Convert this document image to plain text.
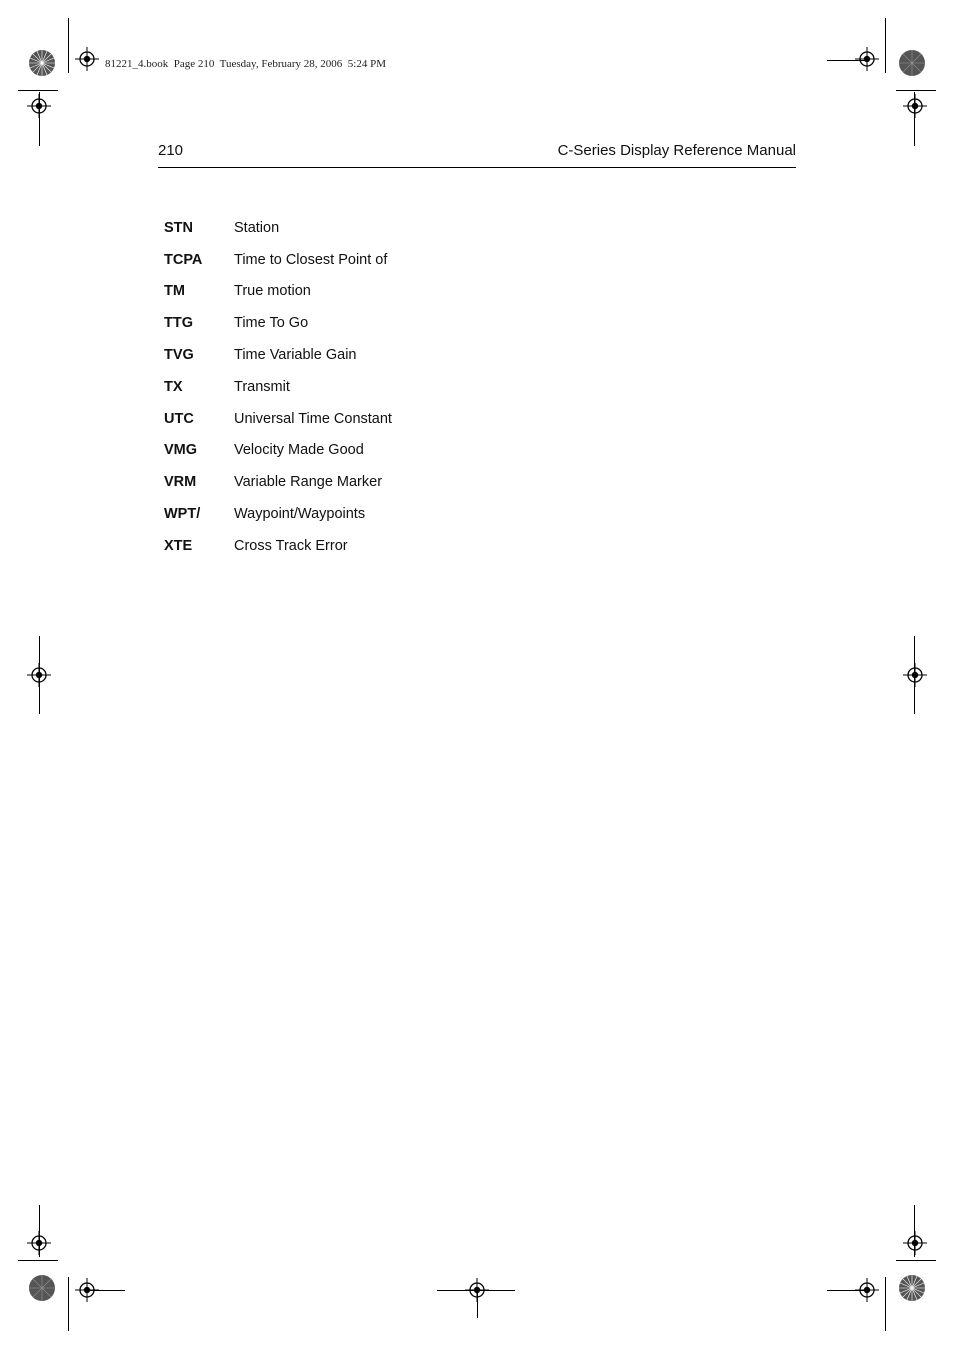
81221_4.book  Page 210  Tuesday, February 28, 2006  5:24 PM
210	C-Series Display Reference Manual
STN	Station
TCPA	Time to Closest Point of
TM	True motion
TTG	Time To Go
TVG	Time Variable Gain
TX	Transmit
UTC	Universal Time Constant
VMG	Velocity Made Good
VRM	Variable Range Marker
WPT/	Waypoint/Waypoints
XTE	Cross Track Error
